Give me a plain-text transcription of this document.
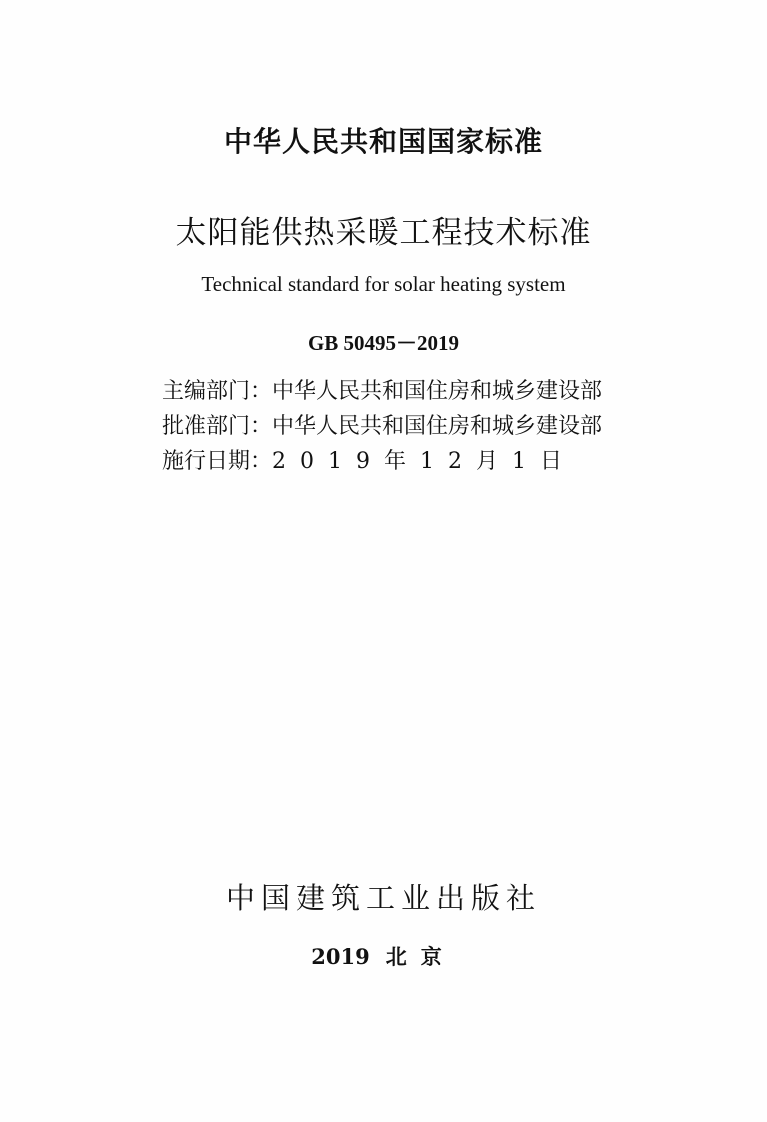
中华人民共和国国家标准
太阳能供热采暖工程技术标准
Technical standard for solar heating system
GB 50495－2019
主编部门：中华人民共和国住房和城乡建设部
批准部门：中华人民共和国住房和城乡建设部
施行日期：2019年12月1日
中国建筑工业出版社
2019 北京
